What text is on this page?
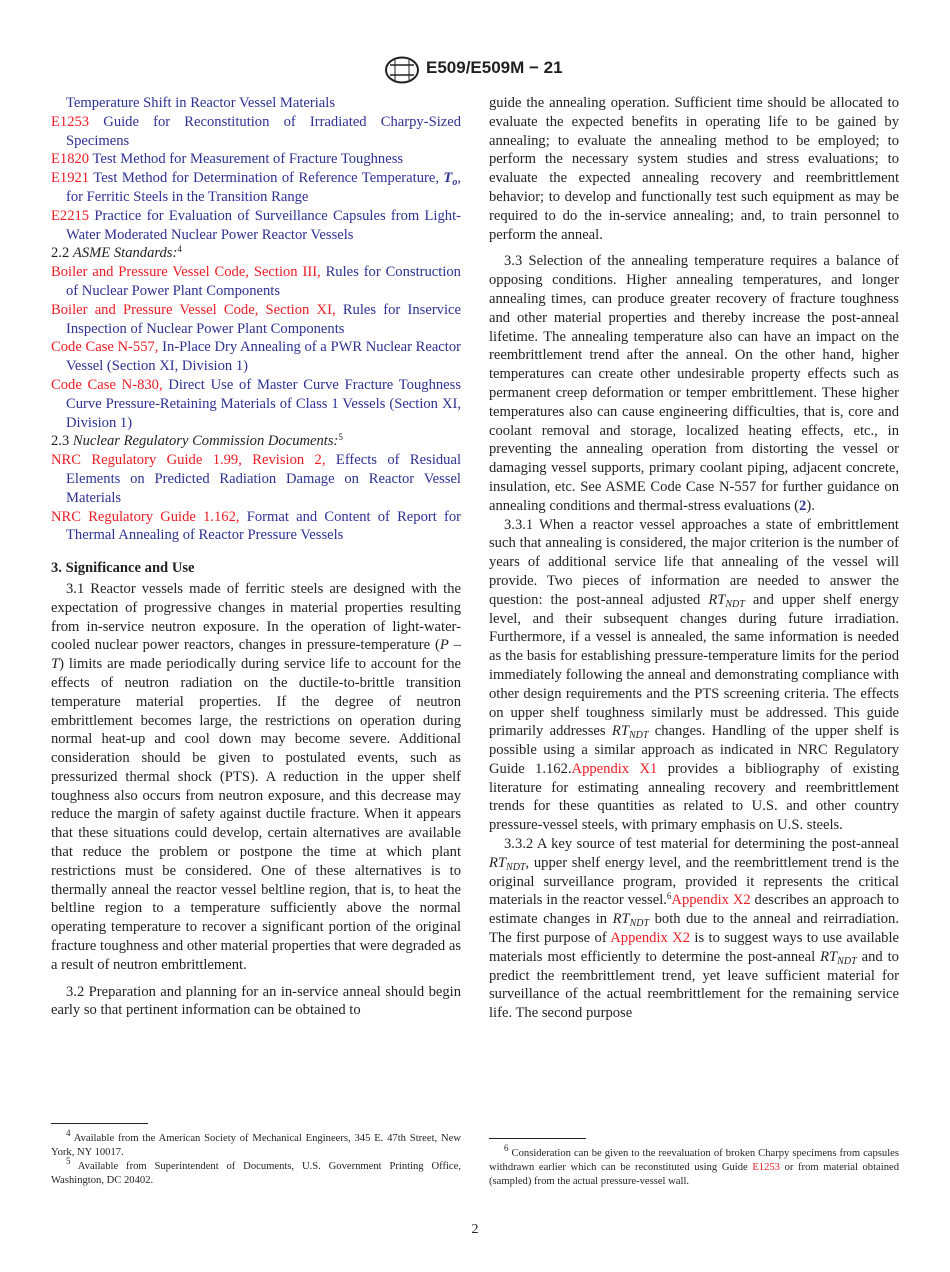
E509/E509M − 21
Temperature Shift in Reactor Vessel Materials
E1253 Guide for Reconstitution of Irradiated Charpy-Sized Specimens
E1820 Test Method for Measurement of Fracture Toughness
E1921 Test Method for Determination of Reference Temperature, $T_o$, for Ferritic Steels in the Transition Range
E2215 Practice for Evaluation of Surveillance Capsules from Light-Water Moderated Nuclear Power Reactor Vessels
2.2 ASME Standards:$^4$
Boiler and Pressure Vessel Code, Section III, Rules for Construction of Nuclear Power Plant Components
Boiler and Pressure Vessel Code, Section XI, Rules for Inservice Inspection of Nuclear Power Plant Components
Code Case N-557, In-Place Dry Annealing of a PWR Nuclear Reactor Vessel (Section XI, Division 1)
Code Case N-830, Direct Use of Master Curve Fracture Toughness Curve Pressure-Retaining Materials of Class 1 Vessels (Section XI, Division 1)
2.3 Nuclear Regulatory Commission Documents:$^5$
NRC Regulatory Guide 1.99, Revision 2, Effects of Residual Elements on Predicted Radiation Damage on Reactor Vessel Materials
NRC Regulatory Guide 1.162, Format and Content of Report for Thermal Annealing of Reactor Pressure Vessels
3. Significance and Use
3.1 Reactor vessels made of ferritic steels are designed with the expectation of progressive changes in material properties resulting from in-service neutron exposure. In the operation of light-water-cooled nuclear power reactors, changes in pressure-temperature (P – T) limits are made periodically during service life to account for the effects of neutron radiation on the ductile-to-brittle transition temperature material properties. If the degree of neutron embrittlement becomes large, the restrictions on operation during normal heat-up and cool down may become severe. Additional consideration should be given to postulated events, such as pressurized thermal shock (PTS). A reduction in the upper shelf toughness also occurs from neutron exposure, and this decrease may reduce the margin of safety against ductile fracture. When it appears that these situations could develop, certain alternatives are available that reduce the problem or postpone the time at which plant restrictions must be considered. One of these alternatives is to thermally anneal the reactor vessel beltline region, that is, to heat the beltline region to a temperature sufficiently above the normal operating temperature to recover a significant portion of the original fracture toughness and other material properties that were degraded as a result of neutron embrittlement.
3.2 Preparation and planning for an in-service anneal should begin early so that pertinent information can be obtained to

$^4$ Available from the American Society of Mechanical Engineers, 345 E. 47th Street, New York, NY 10017.

$^5$ Available from Superintendent of Documents, U.S. Government Printing Office, Washington, DC 20402.

guide the annealing operation. Sufficient time should be allocated to evaluate the expected benefits in operating life to be gained by annealing; to evaluate the annealing method to be employed; to perform the necessary system studies and stress evaluations; to evaluate the expected annealing recovery and reembrittlement behavior; to develop and functionally test such equipment as may be required to do the in-service annealing; and, to train personnel to perform the anneal.
3.3 Selection of the annealing temperature requires a balance of opposing conditions. Higher annealing temperatures, and longer annealing times, can produce greater recovery of fracture toughness and other material properties and thereby increase the post-anneal lifetime. The annealing temperature also can have an impact on the reembrittlement trend after the anneal. On the other hand, higher temperatures can create other undesirable property effects such as permanent creep deformation or temper embrittlement. These higher temperatures also can cause engineering difficulties, that is, core and coolant removal and storage, localized heating effects, etc., in preventing the annealing operation from distorting the vessel or damaging vessel supports, primary coolant piping, adjacent concrete, insulation, etc. See ASME Code Case N-557 for further guidance on annealing conditions and thermal-stress evaluations (2).
3.3.1 When a reactor vessel approaches a state of embrittlement such that annealing is considered, the major criterion is the number of years of additional service life that annealing of the vessel will provide. Two pieces of information are needed to answer the question: the post-anneal adjusted $RT_{NDT}$ and upper shelf energy level, and their subsequent changes during future irradiation. Furthermore, if a vessel is annealed, the same information is needed as the basis for establishing pressure-temperature limits for the period immediately following the anneal and demonstrating compliance with other design requirements and the PTS screening criteria. The effects on upper shelf toughness similarly must be addressed. This guide primarily addresses $RT_{NDT}$ changes. Handling of the upper shelf is possible using a similar approach as indicated in NRC Regulatory Guide 1.162.Appendix X1 provides a bibliography of existing literature for estimating annealing recovery and reembrittlement trends for these quantities as related to U.S. and other country pressure-vessel steels, with primary emphasis on U.S. steels.
3.3.2 A key source of test material for determining the post-anneal $RT_{NDT}$, upper shelf energy level, and the reembrittlement trend is the original surveillance program, provided it represents the critical materials in the reactor vessel.$^6$Appendix X2 describes an approach to estimate changes in $RT_{NDT}$ both due to the anneal and reirradiation. The first purpose of Appendix X2 is to suggest ways to use available materials most efficiently to determine the post-anneal $RT_{NDT}$ and to predict the reembrittlement trend, yet leave sufficient material for surveillance of the actual reembrittlement for the remaining service life. The second purpose

$^6$ Consideration can be given to the reevaluation of broken Charpy specimens from capsules withdrawn earlier which can be reconstituted using Guide E1253 or from material obtained (sampled) from the actual pressure-vessel wall.

2
